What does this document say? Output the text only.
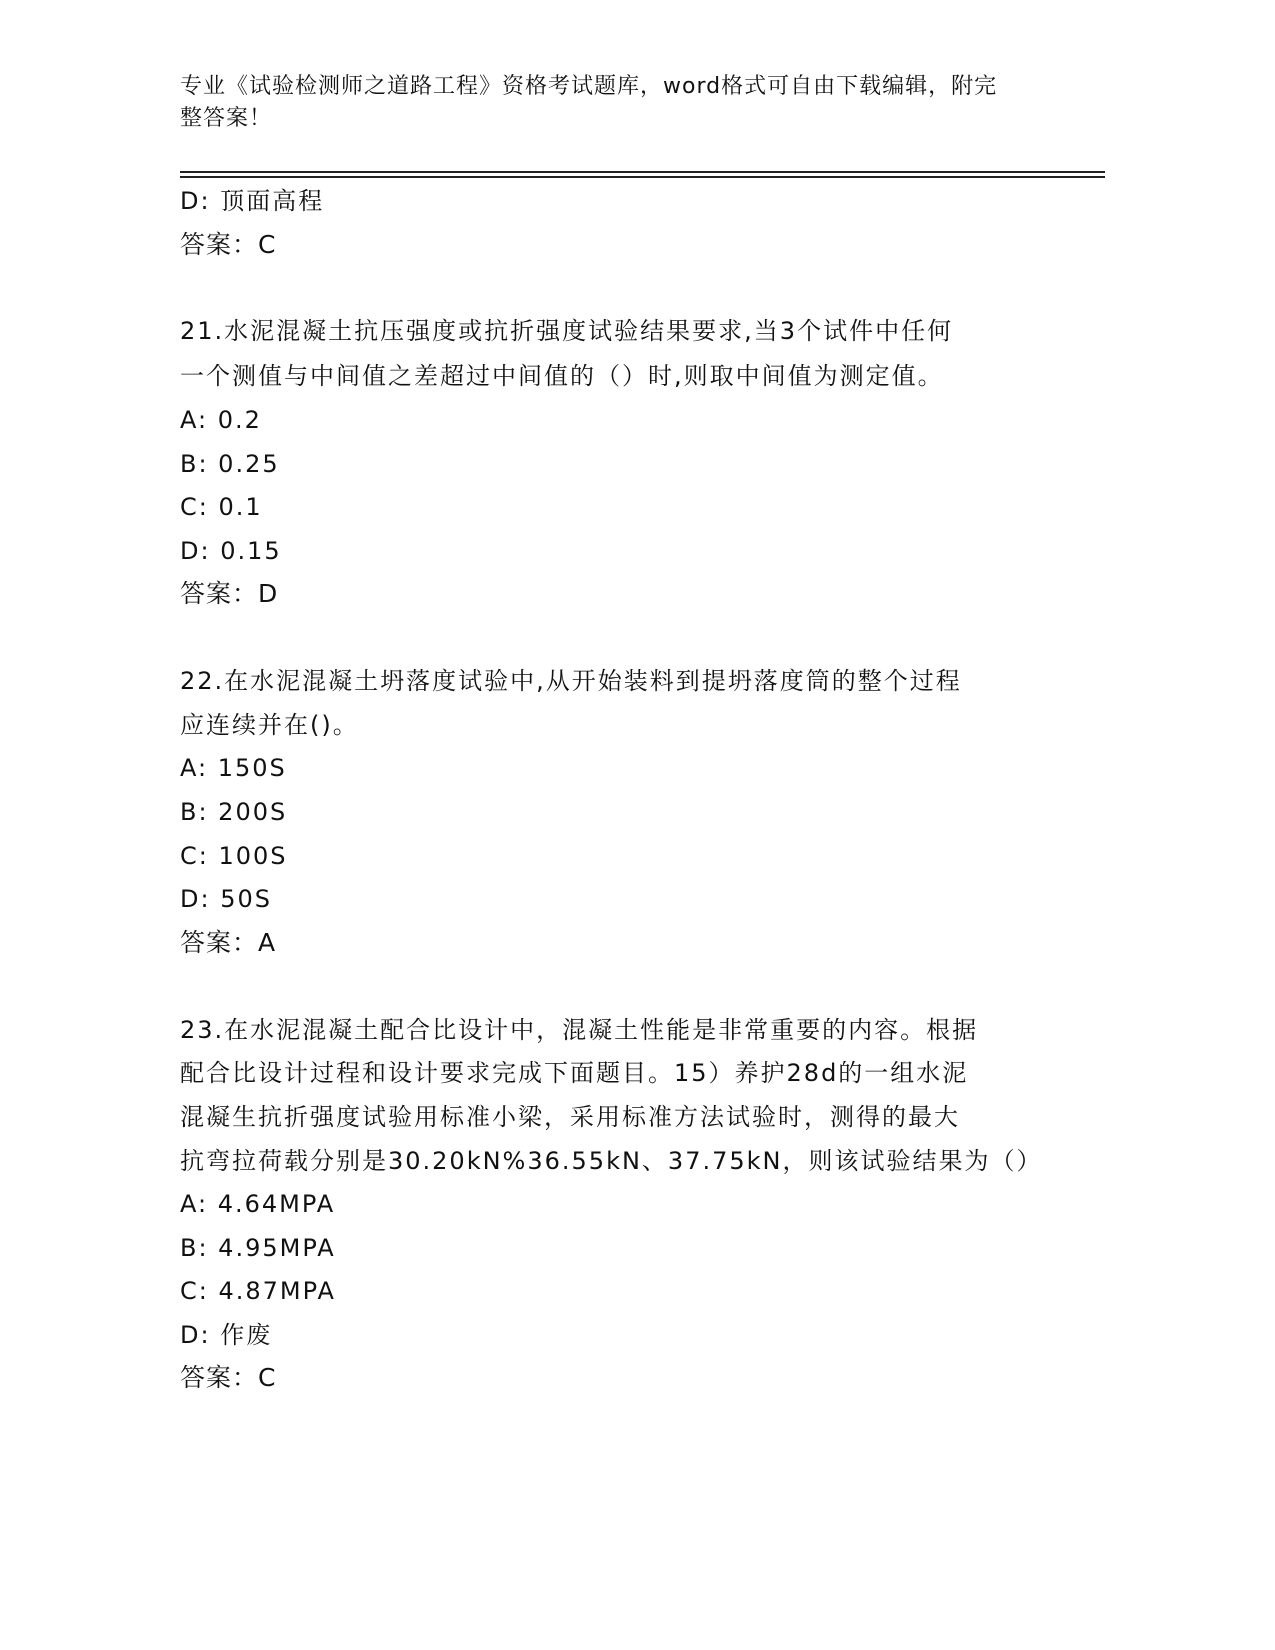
专业《试验检测师之道路工程》资格考试题库，word格式可自由下载编辑，附完
整答案！
D: 顶面高程
答案：C
21.水泥混凝土抗压强度或抗折强度试验结果要求,当3个试件中任何
一个测值与中间值之差超过中间值的（）时,则取中间值为测定值。
A: 0.2
B: 0.25
C: 0.1
D: 0.15
答案：D
22.在水泥混凝土坍落度试验中,从开始装料到提坍落度筒的整个过程
应连续并在()。
A: 150S
B: 200S
C: 100S
D: 50S
答案：A
23.在水泥混凝土配合比设计中，混凝土性能是非常重要的内容。根据
配合比设计过程和设计要求完成下面题目。15）养护28d的一组水泥
混凝生抗折强度试验用标准小梁，采用标准方法试验时，测得的最大
抗弯拉荷载分别是30.20kN%36.55kN、37.75kN，则该试验结果为（）
A: 4.64MPA
B: 4.95MPA
C: 4.87MPA
D: 作废
答案：C
